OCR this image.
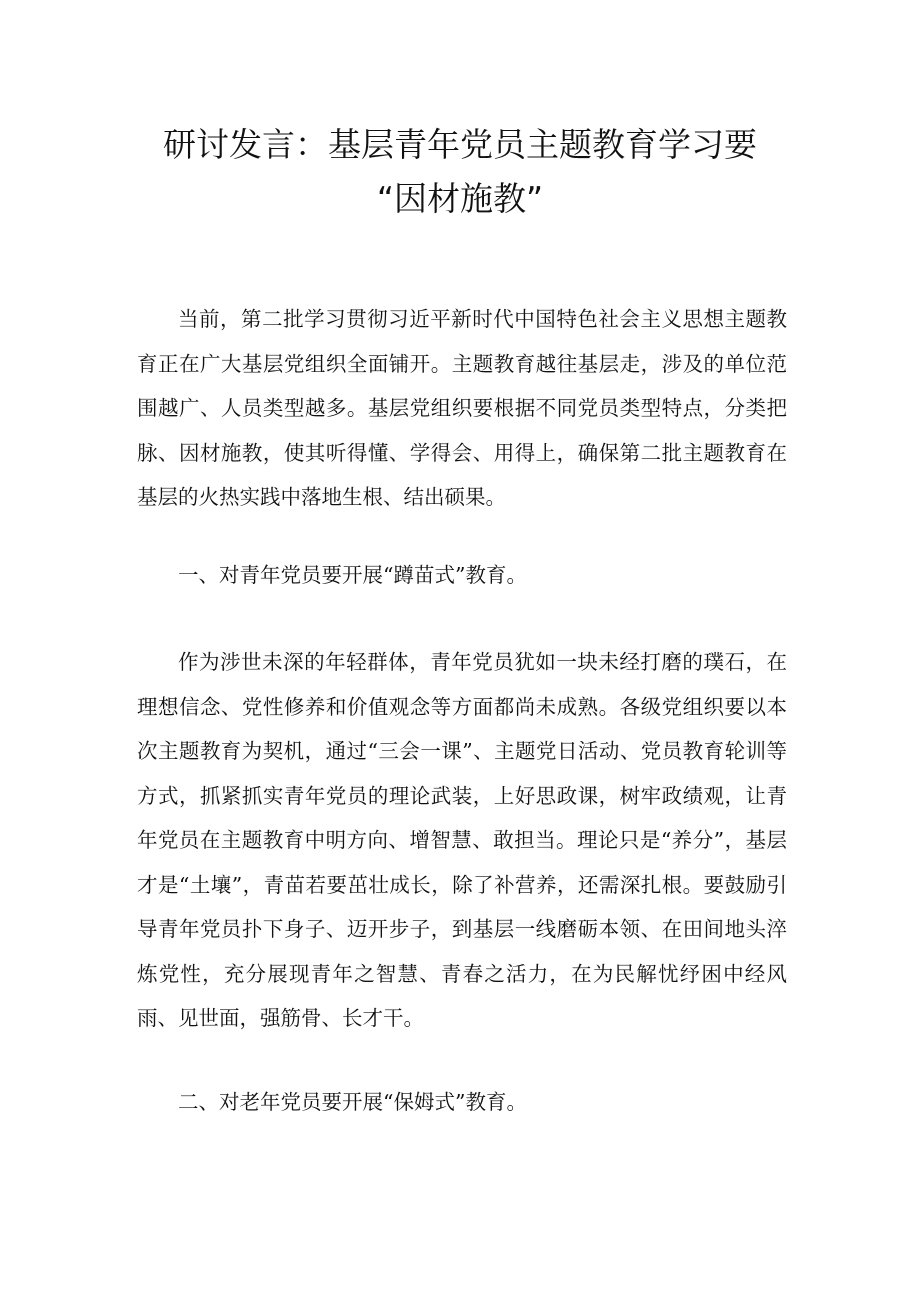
研讨发言：基层青年党员主题教育学习要
“因材施教”

当前，第二批学习贯彻习近平新时代中国特色社会主义思想主题教育正在广大基层党组织全面铺开。主题教育越往基层走，涉及的单位范围越广、人员类型越多。基层党组织要根据不同党员类型特点，分类把脉、因材施教，使其听得懂、学得会、用得上，确保第二批主题教育在基层的火热实践中落地生根、结出硕果。

一、对青年党员要开展“蹲苗式”教育。

作为涉世未深的年轻群体，青年党员犹如一块未经打磨的璞石，在理想信念、党性修养和价值观念等方面都尚未成熟。各级党组织要以本次主题教育为契机，通过“三会一课”、主题党日活动、党员教育轮训等方式，抓紧抓实青年党员的理论武装，上好思政课，树牢政绩观，让青年党员在主题教育中明方向、增智慧、敢担当。理论只是“养分”，基层才是“土壤”，青苗若要茁壮成长，除了补营养，还需深扎根。要鼓励引导青年党员扑下身子、迈开步子，到基层一线磨砺本领、在田间地头淬炼党性，充分展现青年之智慧、青春之活力，在为民解忧纾困中经风雨、见世面，强筋骨、长才干。

二、对老年党员要开展“保姆式”教育。
